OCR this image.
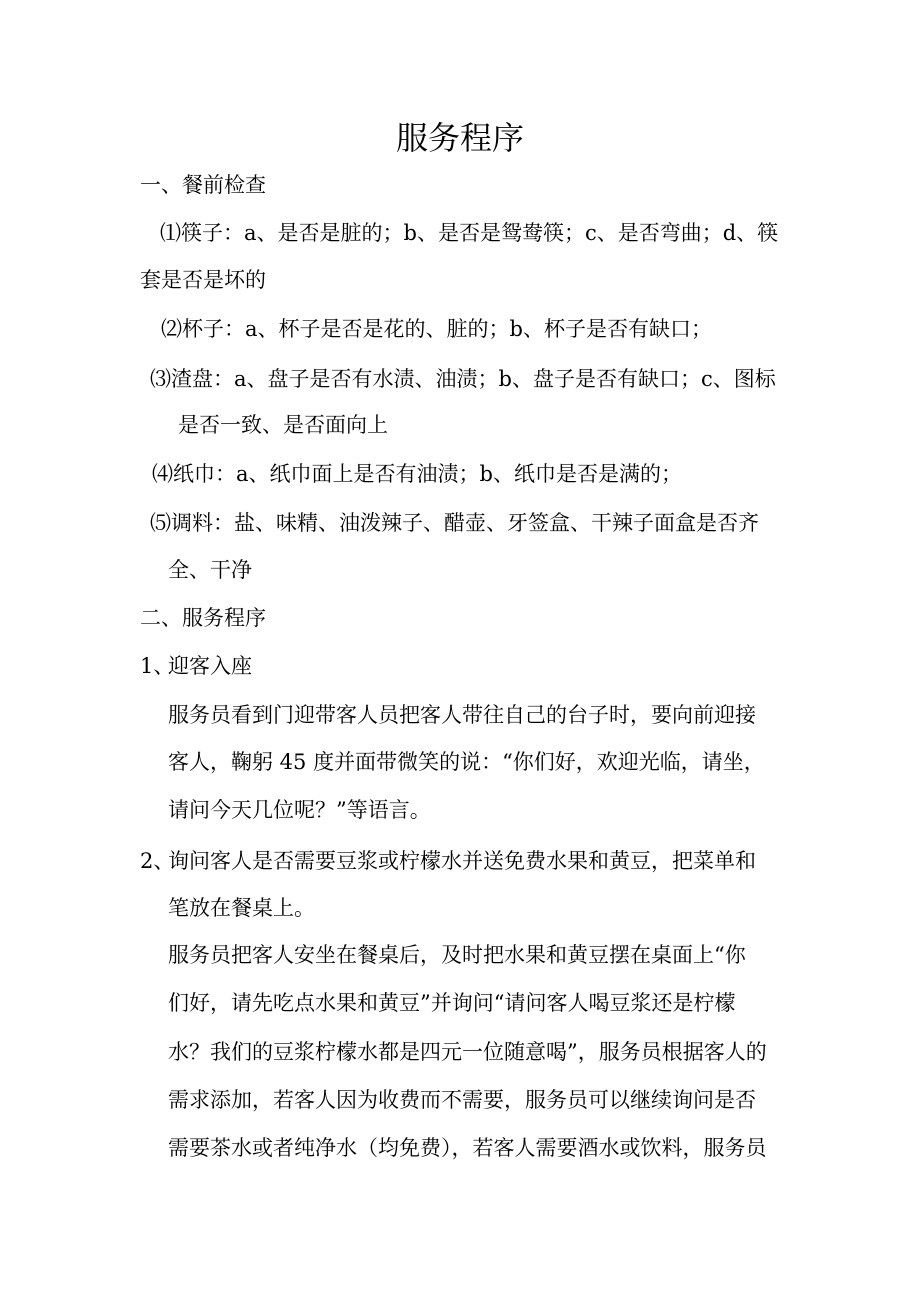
服务程序
一、餐前检查
⑴筷子：a、是否是脏的；b、是否是鸳鸯筷；c、是否弯曲；d、筷
套是否是坏的
⑵杯子：a、杯子是否是花的、脏的；b、杯子是否有缺口；
⑶渣盘：a、盘子是否有水渍、油渍；b、盘子是否有缺口；c、图标
是否一致、是否面向上
⑷纸巾：a、纸巾面上是否有油渍；b、纸巾是否是满的；
⑸调料：盐、味精、油泼辣子、醋壶、牙签盒、干辣子面盒是否齐
全、干净
二、服务程序
1、
迎客入座
服务员看到门迎带客人员把客人带往自己的台子时，要向前迎接
客人，鞠躬 45 度并面带微笑的说：“你们好，欢迎光临，请坐，
请问今天几位呢？”等语言。
2、
询问客人是否需要豆浆或柠檬水并送免费水果和黄豆，把菜单和
笔放在餐桌上。
服务员把客人安坐在餐桌后，及时把水果和黄豆摆在桌面上“你
们好，请先吃点水果和黄豆”并询问“请问客人喝豆浆还是柠檬
水？我们的豆浆柠檬水都是四元一位随意喝”，服务员根据客人的
需求添加，若客人因为收费而不需要，服务员可以继续询问是否
需要茶水或者纯净水（均免费），若客人需要酒水或饮料，服务员
